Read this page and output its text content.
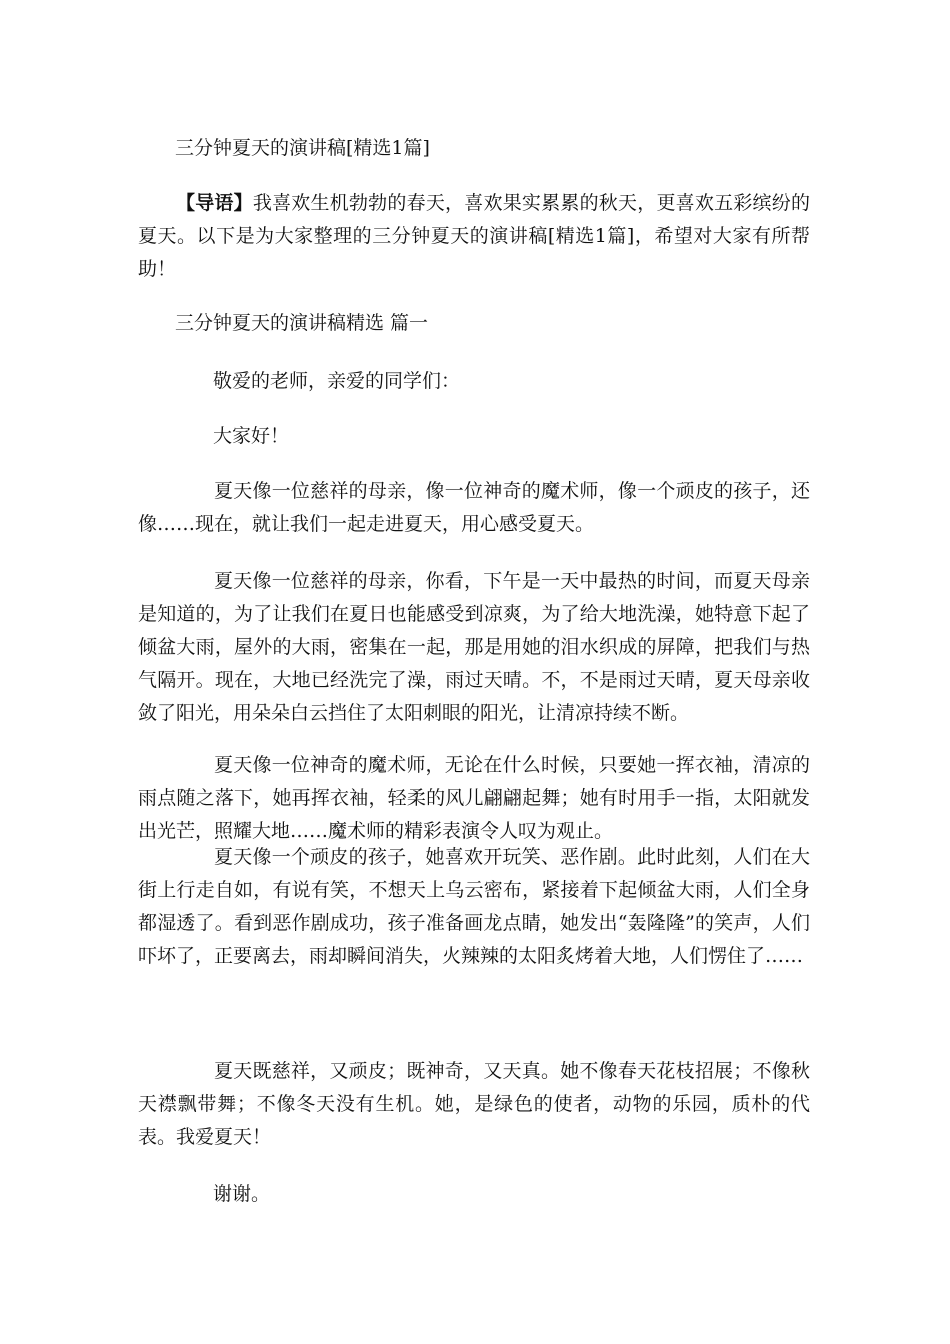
三分钟夏天的演讲稿[精选1篇]

【导语】我喜欢生机勃勃的春天，喜欢果实累累的秋天，更喜欢五彩缤纷的夏天。以下是为大家整理的三分钟夏天的演讲稿[精选1篇]，希望对大家有所帮助！

三分钟夏天的演讲稿精选 篇一
敬爱的老师，亲爱的同学们：
大家好！

夏天像一位慈祥的母亲，像一位神奇的魔术师，像一个顽皮的孩子，还像……现在，就让我们一起走进夏天，用心感受夏天。

夏天像一位慈祥的母亲，你看，下午是一天中最热的时间，而夏天母亲是知道的，为了让我们在夏日也能感受到凉爽，为了给大地洗澡，她特意下起了倾盆大雨，屋外的大雨，密集在一起，那是用她的泪水织成的屏障，把我们与热气隔开。现在，大地已经洗完了澡，雨过天晴。不，不是雨过天晴，夏天母亲收敛了阳光，用朵朵白云挡住了太阳刺眼的阳光，让清凉持续不断。

夏天像一位神奇的魔术师，无论在什么时候，只要她一挥衣袖，清凉的雨点随之落下，她再挥衣袖，轻柔的风儿翩翩起舞；她有时用手一指，太阳就发出光芒，照耀大地……魔术师的精彩表演令人叹为观止。

夏天像一个顽皮的孩子，她喜欢开玩笑、恶作剧。此时此刻，人们在大街上行走自如，有说有笑，不想天上乌云密布，紧接着下起倾盆大雨，人们全身都湿透了。看到恶作剧成功，孩子准备画龙点睛，她发出“轰隆隆”的笑声，人们吓坏了，正要离去，雨却瞬间消失，火辣辣的太阳炙烤着大地，人们愣住了……

夏天既慈祥，又顽皮；既神奇，又天真。她不像春天花枝招展；不像秋天襟飘带舞；不像冬天没有生机。她，是绿色的使者，动物的乐园，质朴的代表。我爱夏天！

谢谢。
